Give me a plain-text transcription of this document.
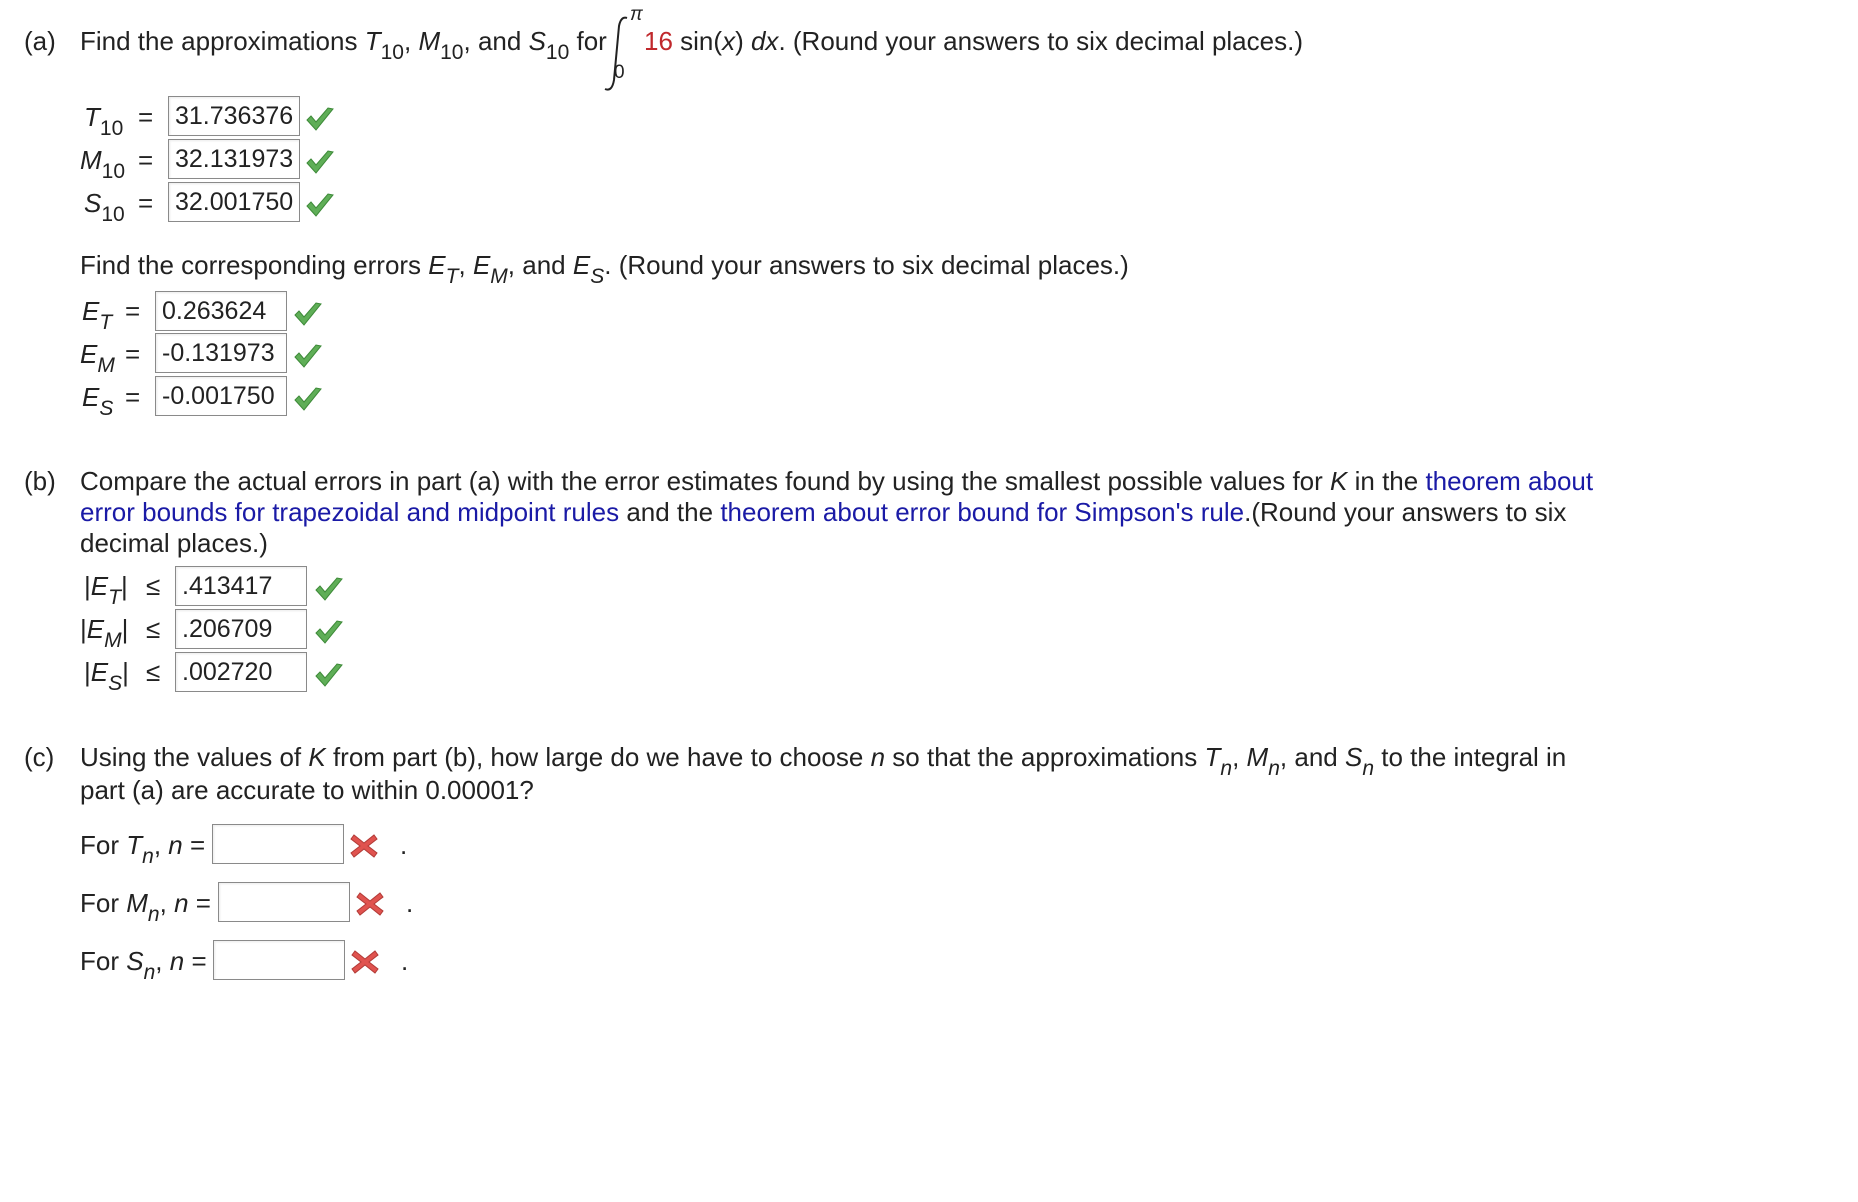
(a) Find the approximations $T_{10}$, $M_{10}$, and $S_{10}$ for
π
0
16 sin(x) dx. (Round your answers to six decimal places.)
$T_{10} = 31.736376$
$M_{10} = 32.131973$
$S_{10} = 32.001750$
Find the corresponding errors $E_T$, $E_M$, and $E_S$. (Round your answers to six decimal places.)
$E_T = 0.263624$
$E_M = -0.131973$
$E_S = -0.001750$
(b) Compare the actual errors in part (a) with the error estimates found by using the smallest possible values for K in the theorem about
error bounds for trapezoidal and midpoint rules and the theorem about error bound for Simpson's rule.(Round your answers to six
decimal places.)
$|E_T| \le .413417$
$|E_M| \le .206709$
$|E_S| \le .002720$
(c) Using the values of K from part (b), how large do we have to choose n so that the approximations $T_n$, $M_n$, and $S_n$ to the integral in
part (a) are accurate to within 0.00001?
For $T_n$, n =	.
For $M_n$, n =	.
For $S_n$, n =	.
